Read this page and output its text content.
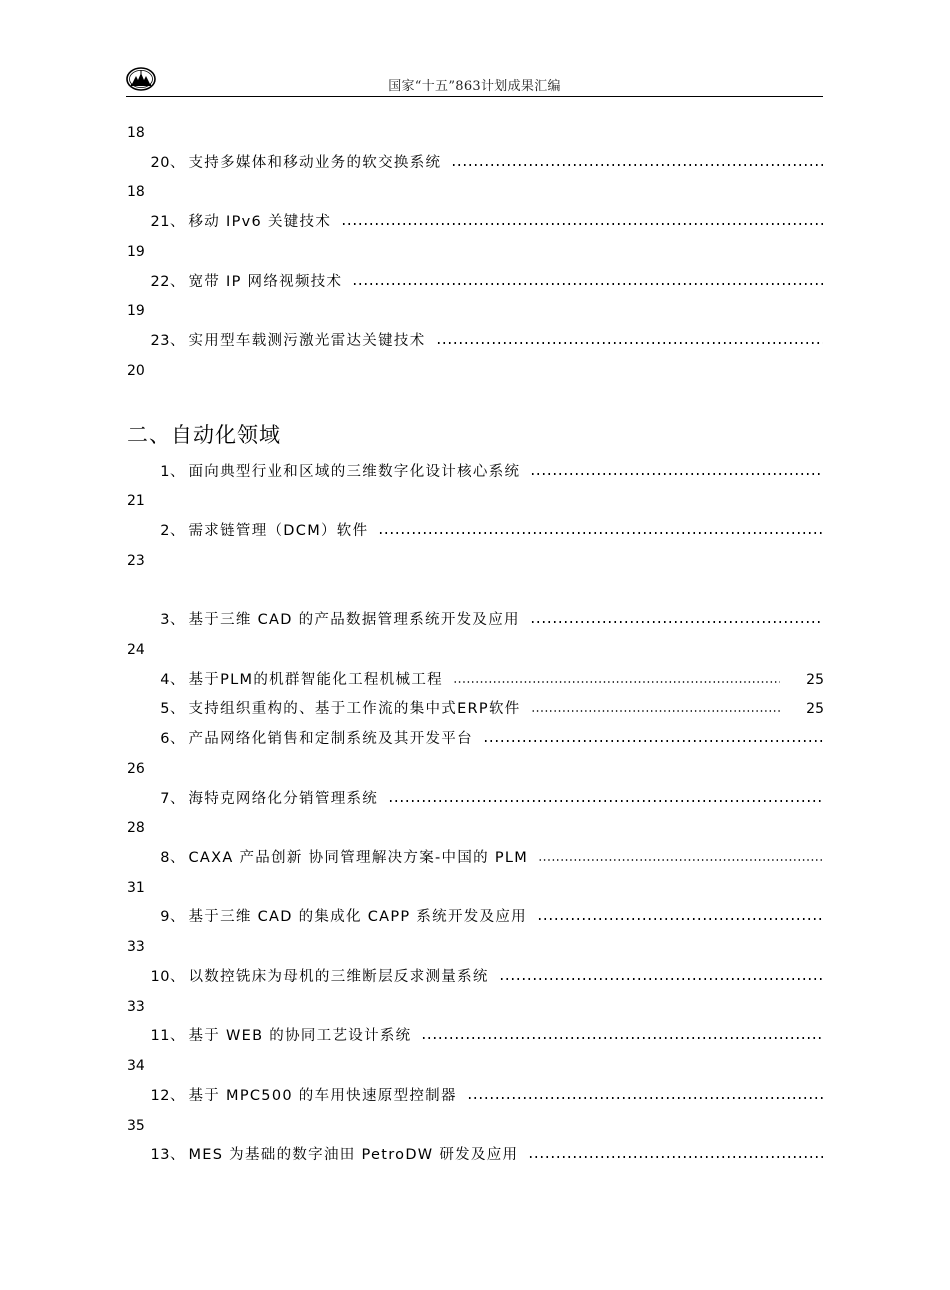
国家“十五”863计划成果汇编
18
20 、 支持多媒体和移动业务的软交换系统
18
21 、 移动 IPv6 关键技术
19
22 、 宽带 IP 网络视频技术
19
23 、 实用型车载测污激光雷达关键技术
20
二、自动化领域
1 、 面向典型行业和区域的三维数字化设计核心系统
21
2 、 需求链管理（DCM）软件
23
3 、 基于三维 CAD 的产品数据管理系统开发及应用
24
4 、 基于PLM的机群智能化工程机械工程	25
5 、 支持组织重构的、基于工作流的集中式ERP软件	25
6 、 产品网络化销售和定制系统及其开发平台
26
7 、 海特克网络化分销管理系统
28
8 、 CAXA 产品创新 协同管理解决方案-中国的 PLM
31
9 、 基于三维 CAD 的集成化 CAPP 系统开发及应用
33
10 、 以数控铣床为母机的三维断层反求测量系统
33
11 、 基于 WEB 的协同工艺设计系统
34
12 、 基于 MPC500 的车用快速原型控制器
35
13 、 MES 为基础的数字油田 PetroDW 研发及应用
